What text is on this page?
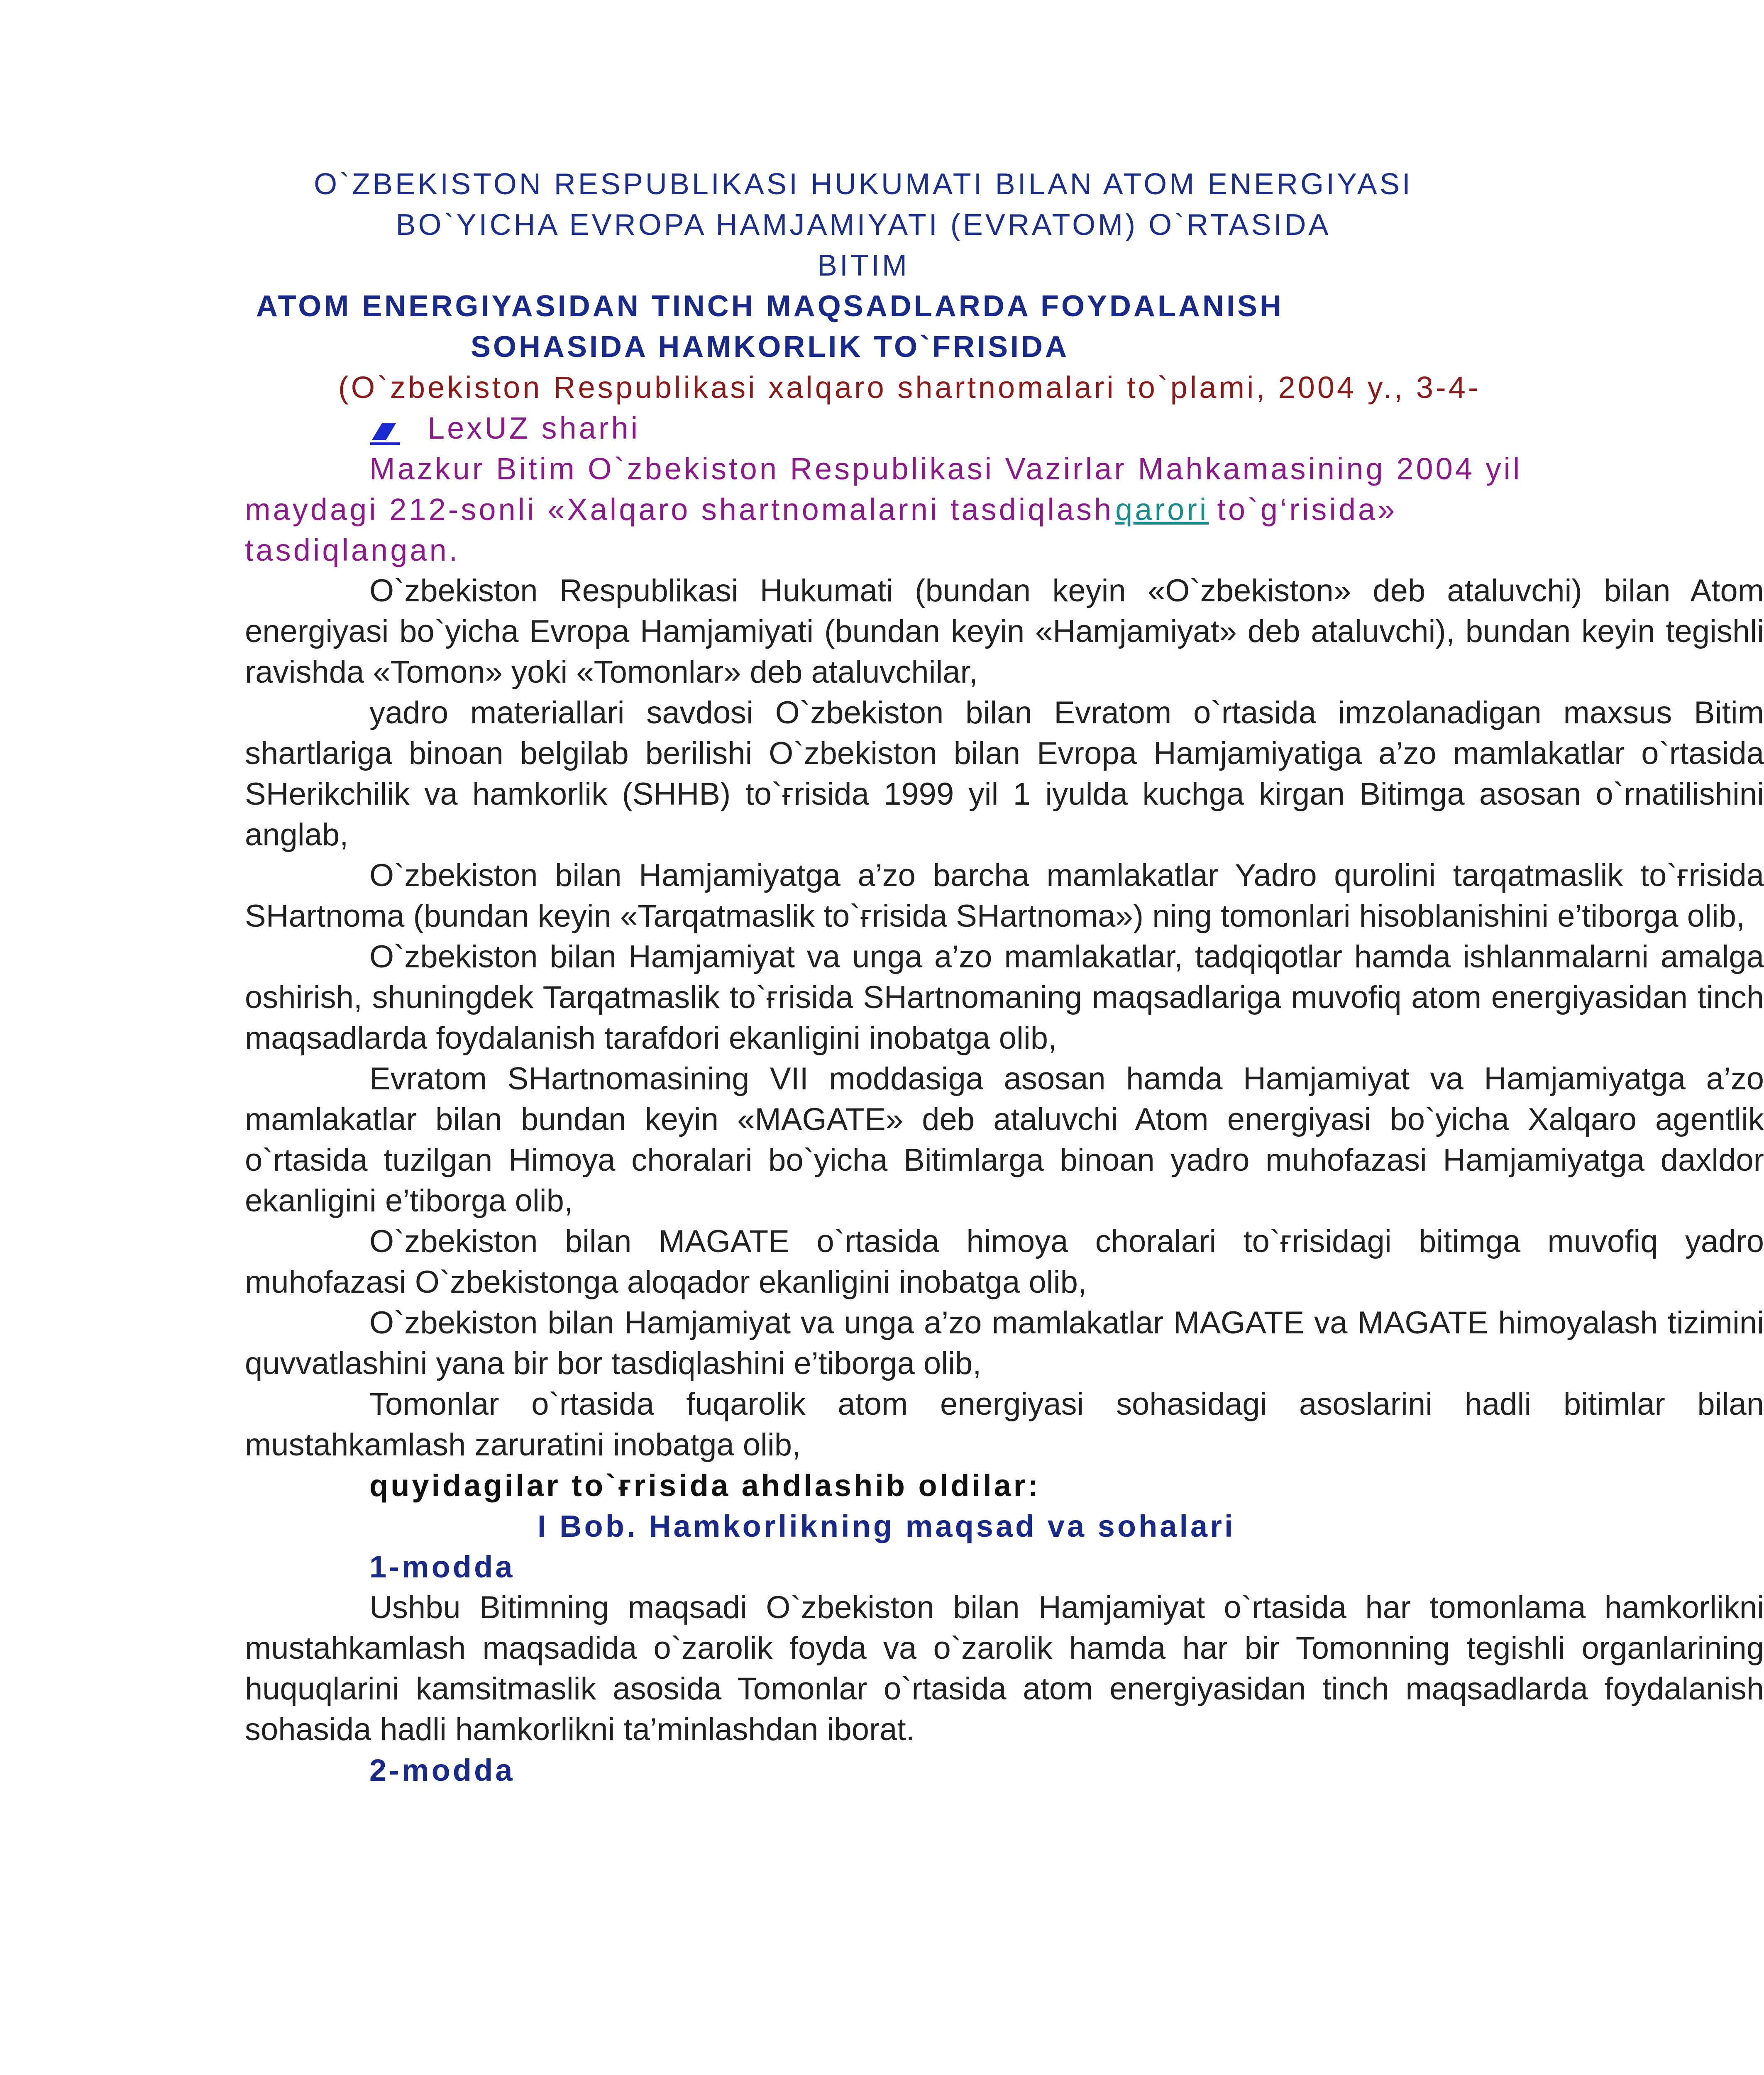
O`ZBEKISTON RESPUBLIKASI HUKUMATI BILAN ATOM ENERGIYASI
BO`YICHA EVROPA HAMJAMIYATI (EVRATOM) O`RTASIDA
BITIM
ATOM ENERGIYASIDAN TINCH MAQSADLARDA FOYDALANISH
SOHASIDA HAMKORLIK TO`FRISIDA
(O`zbekiston Respublikasi xalqaro shartnomalari to`plami, 2004 y., 3-4-
LexUZ sharhi
Mazkur Bitim O`zbekiston Respublikasi Vazirlar Mahkamasining 2004 yil
maydagi 212-sonli «Xalqaro shartnomalarni tasdiqlash qarori to`g‘risida»
tasdiqlangan.
O`zbekiston Respublikasi Hukumati (bundan keyin «O`zbekiston» deb ataluvchi) bilan Atom energiyasi bo`yicha Evropa Hamjamiyati (bundan keyin «Hamjamiyat» deb ataluvchi), bundan keyin tegishli ravishda «Tomon» yoki «Tomonlar» deb ataluvchilar,
yadro materiallari savdosi O`zbekiston bilan Evratom o`rtasida imzolanadigan maxsus Bitim shartlariga binoan belgilab berilishi O`zbekiston bilan Evropa Hamjamiyatiga a’zo mamlakatlar o`rtasida SHerikchilik va hamkorlik (SHHB) to`ғrisida 1999 yil 1 iyulda kuchga kirgan Bitimga asosan o`rnatilishini anglab,
O`zbekiston bilan Hamjamiyatga a’zo barcha mamlakatlar Yadro qurolini tarqatmaslik to`ғrisida SHartnoma (bundan keyin «Tarqatmaslik to`ғrisida SHartnoma») ning tomonlari hisoblanishini e’tiborga olib,
O`zbekiston bilan Hamjamiyat va unga a’zo mamlakatlar, tadqiqotlar hamda ishlanmalarni amalga oshirish, shuningdek Tarqatmaslik to`ғrisida SHartnomaning maqsadlariga muvofiq atom energiyasidan tinch maqsadlarda foydalanish tarafdori ekanligini inobatga olib,
Evratom SHartnomasining VII moddasiga asosan hamda Hamjamiyat va Hamjamiyatga a’zo mamlakatlar bilan bundan keyin «MAGATE» deb ataluvchi Atom energiyasi bo`yicha Xalqaro agentlik o`rtasida tuzilgan Himoya choralari bo`yicha Bitimlarga binoan yadro muhofazasi Hamjamiyatga daxldor ekanligini e’tiborga olib,
O`zbekiston bilan MAGATE o`rtasida himoya choralari to`ғrisidagi bitimga muvofiq yadro muhofazasi O`zbekistonga aloqador ekanligini inobatga olib,
O`zbekiston bilan Hamjamiyat va unga a’zo mamlakatlar MAGATE va MAGATE himoyalash tizimini quvvatlashini yana bir bor tasdiqlashini e’tiborga olib,
Tomonlar o`rtasida fuqarolik atom energiyasi sohasidagi asoslarini hadli bitimlar bilan mustahkamlash zaruratini inobatga olib,
quyidagilar to`ғrisida ahdlashib oldilar:
I Bob. Hamkorlikning maqsad va sohalari
1-modda
Ushbu Bitimning maqsadi O`zbekiston bilan Hamjamiyat o`rtasida har tomonlama hamkorlikni mustahkamlash maqsadida o`zarolik foyda va o`zarolik hamda har bir Tomonning tegishli organlarining huquqlarini kamsitmaslik asosida Tomonlar o`rtasida atom energiyasidan tinch maqsadlarda foydalanish sohasida hadli hamkorlikni ta’minlashdan iborat.
2-modda
